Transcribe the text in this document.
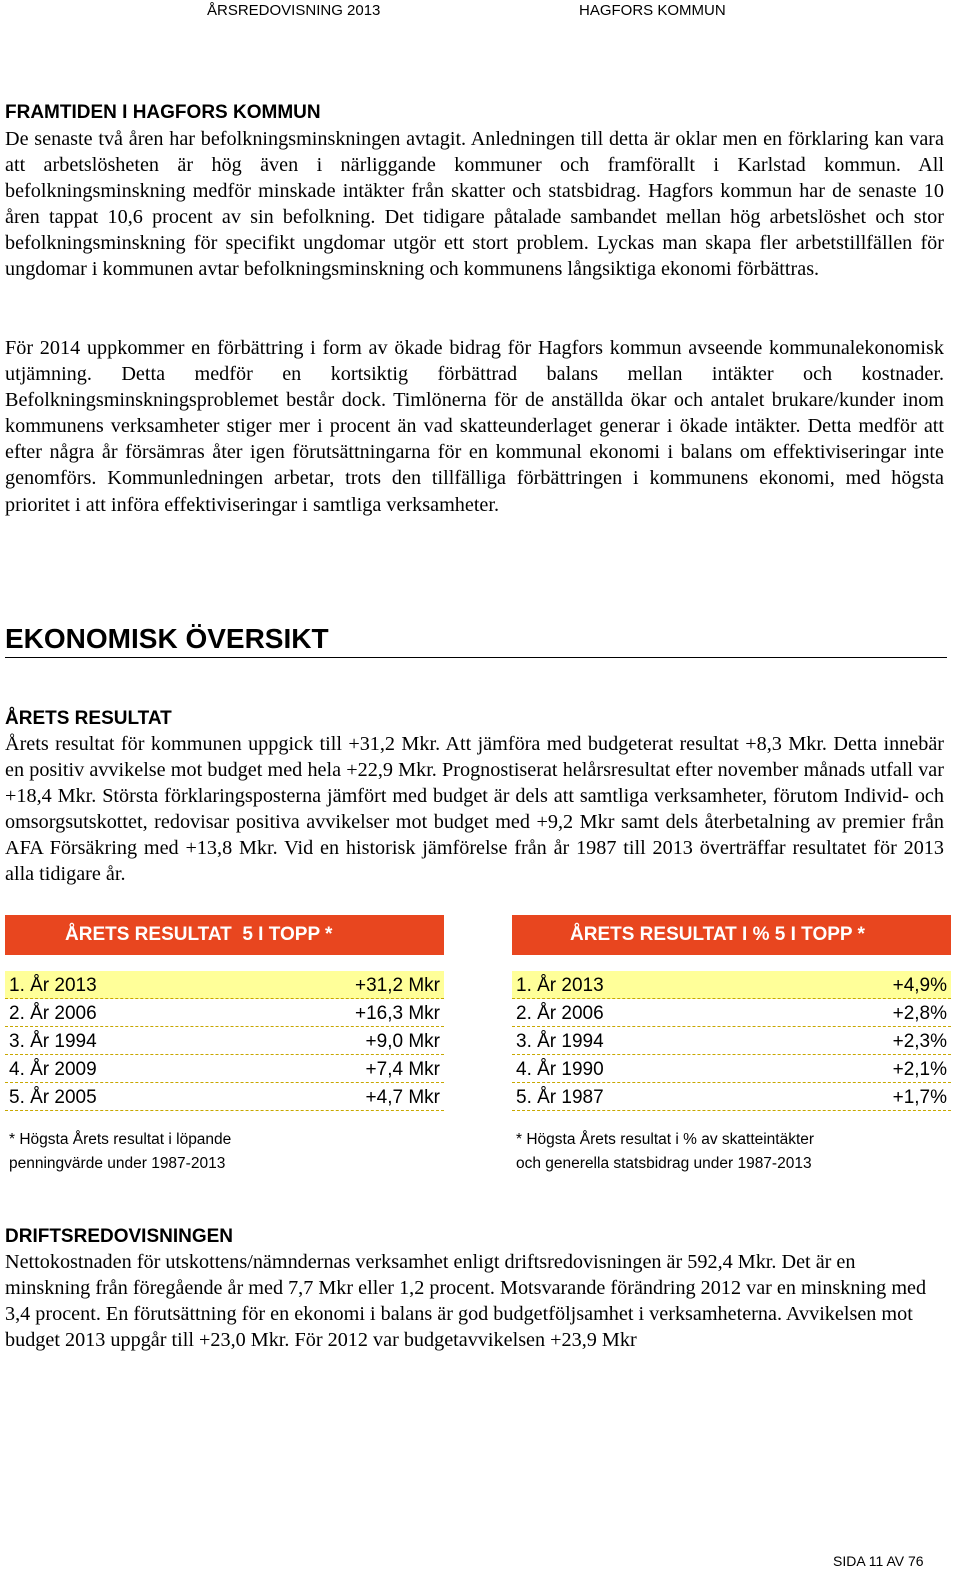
ÅRSREDOVISNING 2013	HAGFORS KOMMUN
FRAMTIDEN I HAGFORS KOMMUN
De senaste två åren har befolkningsminskningen avtagit. Anledningen till detta är oklar men en förklaring kan vara att arbetslösheten är hög även i närliggande kommuner och framförallt i Karlstad kommun. All befolkningsminskning medför minskade intäkter från skatter och statsbidrag. Hagfors kommun har de senaste 10 åren tappat 10,6 procent av sin befolkning. Det tidigare påtalade sambandet mellan hög arbetslöshet och stor befolkningsminskning för specifikt ungdomar utgör ett stort problem. Lyckas man skapa fler arbetstillfällen för ungdomar i kommunen avtar befolkningsminskning och kommunens långsiktiga ekonomi förbättras.
För 2014 uppkommer en förbättring i form av ökade bidrag för Hagfors kommun avseende kommunalekonomisk utjämning. Detta medför en kortsiktig förbättrad balans mellan intäkter och kostnader. Befolkningsminskningsproblemet består dock. Timlönerna för de anställda ökar och antalet brukare/kunder inom kommunens verksamheter stiger mer i procent än vad skatteunderlaget generar i ökade intäkter. Detta medför att efter några år försämras åter igen förutsättningarna för en kommunal ekonomi i balans om effektiviseringar inte genomförs. Kommunledningen arbetar, trots den tillfälliga förbättringen i kommunens ekonomi, med högsta prioritet i att införa effektiviseringar i samtliga verksamheter.
EKONOMISK ÖVERSIKT
ÅRETS RESULTAT
Årets resultat för kommunen uppgick till +31,2 Mkr. Att jämföra med budgeterat resultat +8,3 Mkr. Detta innebär en positiv avvikelse mot budget med hela +22,9 Mkr. Prognostiserat helårsresultat efter november månads utfall var +18,4 Mkr. Största förklaringsposterna jämfört med budget är dels att samtliga verksamheter, förutom Individ- och omsorgsutskottet, redovisar positiva avvikelser mot budget med +9,2 Mkr samt dels återbetalning av premier från AFA Försäkring med +13,8 Mkr. Vid en historisk jämförelse från år 1987 till 2013 överträffar resultatet för 2013 alla tidigare år.
ÅRETS RESULTAT  5 I TOPP *	ÅRETS RESULTAT I % 5 I TOPP *
1. År 2013	+31,2 Mkr
2. År 2006	+16,3 Mkr
3. År 1994	+9,0 Mkr
4. År 2009	+7,4 Mkr
5. År 2005	+4,7 Mkr
1. År 2013	+4,9%
2. År 2006	+2,8%
3. År 1994	+2,3%
4. År 1990	+2,1%
5. År 1987	+1,7%
* Högsta Årets resultat i löpande
penningvärde under 1987-2013
* Högsta Årets resultat i % av skatteintäkter
och generella statsbidrag under 1987-2013
DRIFTSREDOVISNINGEN
Nettokostnaden för utskottens/nämndernas verksamhet enligt driftsredovisningen är 592,4 Mkr. Det är en minskning från föregående år med 7,7 Mkr eller 1,2 procent. Motsvarande förändring 2012 var en minskning med 3,4 procent. En förutsättning för en ekonomi i balans är god budgetföljsamhet i verksamheterna. Avvikelsen mot budget 2013 uppgår till +23,0 Mkr. För 2012 var budgetavvikelsen +23,9 Mkr
SIDA 11 AV 76
